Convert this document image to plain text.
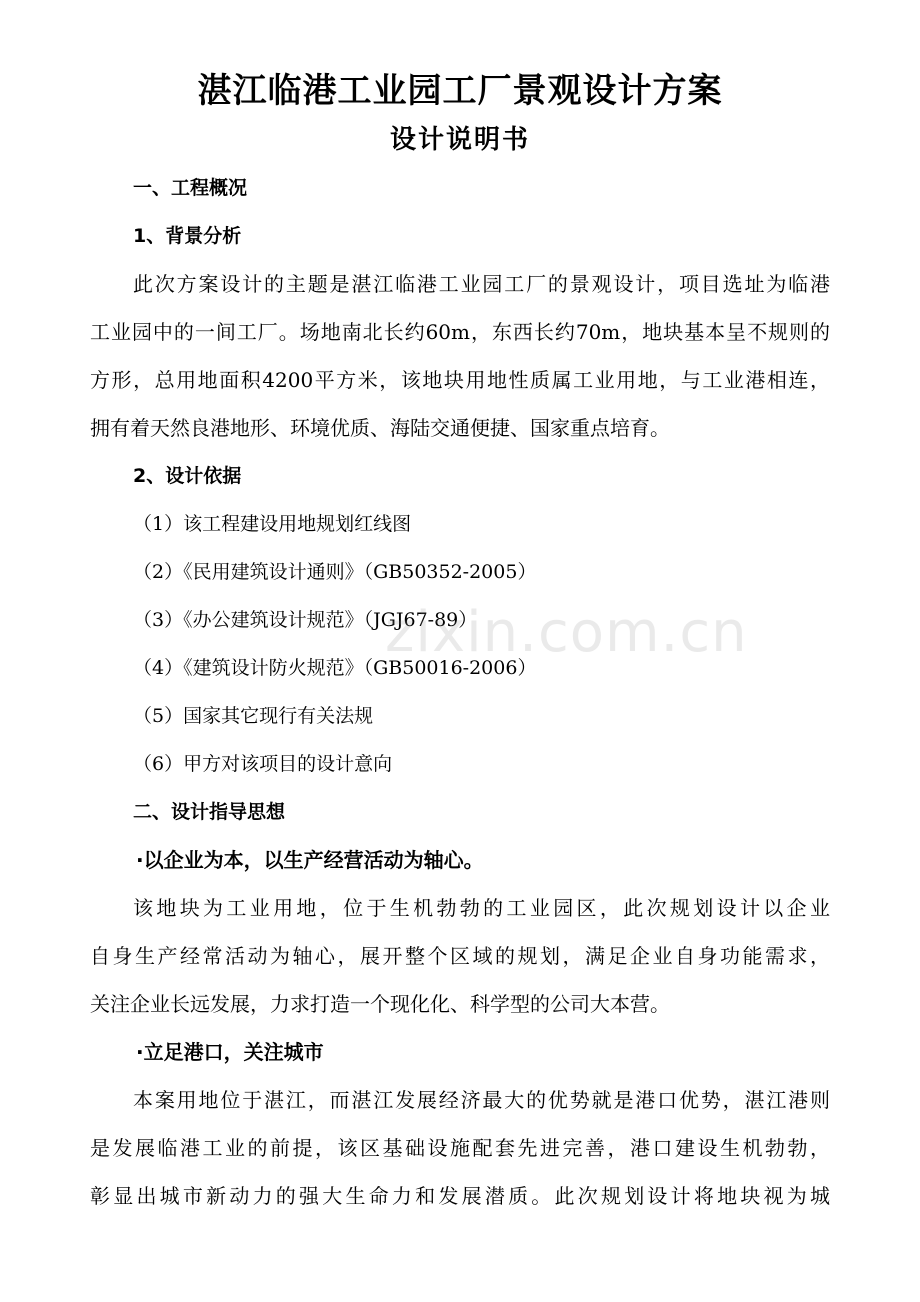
湛江临港工业园工厂景观设计方案
设计说明书
一、工程概况
1、背景分析
此次方案设计的主题是湛江临港工业园工厂的景观设计，项目选址为临港
工业园中的一间工厂。场地南北长约60m，东西长约70m，地块基本呈不规则的
方形，总用地面积4200平方米，该地块用地性质属工业用地，与工业港相连，
拥有着天然良港地形、环境优质、海陆交通便捷、国家重点培育。
2、设计依据
（1）该工程建设用地规划红线图
（2）《民用建筑设计通则》（GB50352-2005）
（3）《办公建筑设计规范》（JGJ67-89）
（4）《建筑设计防火规范》（GB50016-2006）
（5）国家其它现行有关法规
（6）甲方对该项目的设计意向
二、设计指导思想
·以企业为本，以生产经营活动为轴心。
该地块为工业用地，位于生机勃勃的工业园区，此次规划设计以企业
自身生产经常活动为轴心，展开整个区域的规划，满足企业自身功能需求，
关注企业长远发展，力求打造一个现化化、科学型的公司大本营。
·立足港口，关注城市
本案用地位于湛江，而湛江发展经济最大的优势就是港口优势，湛江港则
是发展临港工业的前提，该区基础设施配套先进完善，港口建设生机勃勃，
彰显出城市新动力的强大生命力和发展潜质。此次规划设计将地块视为城
zixin.com.cn
